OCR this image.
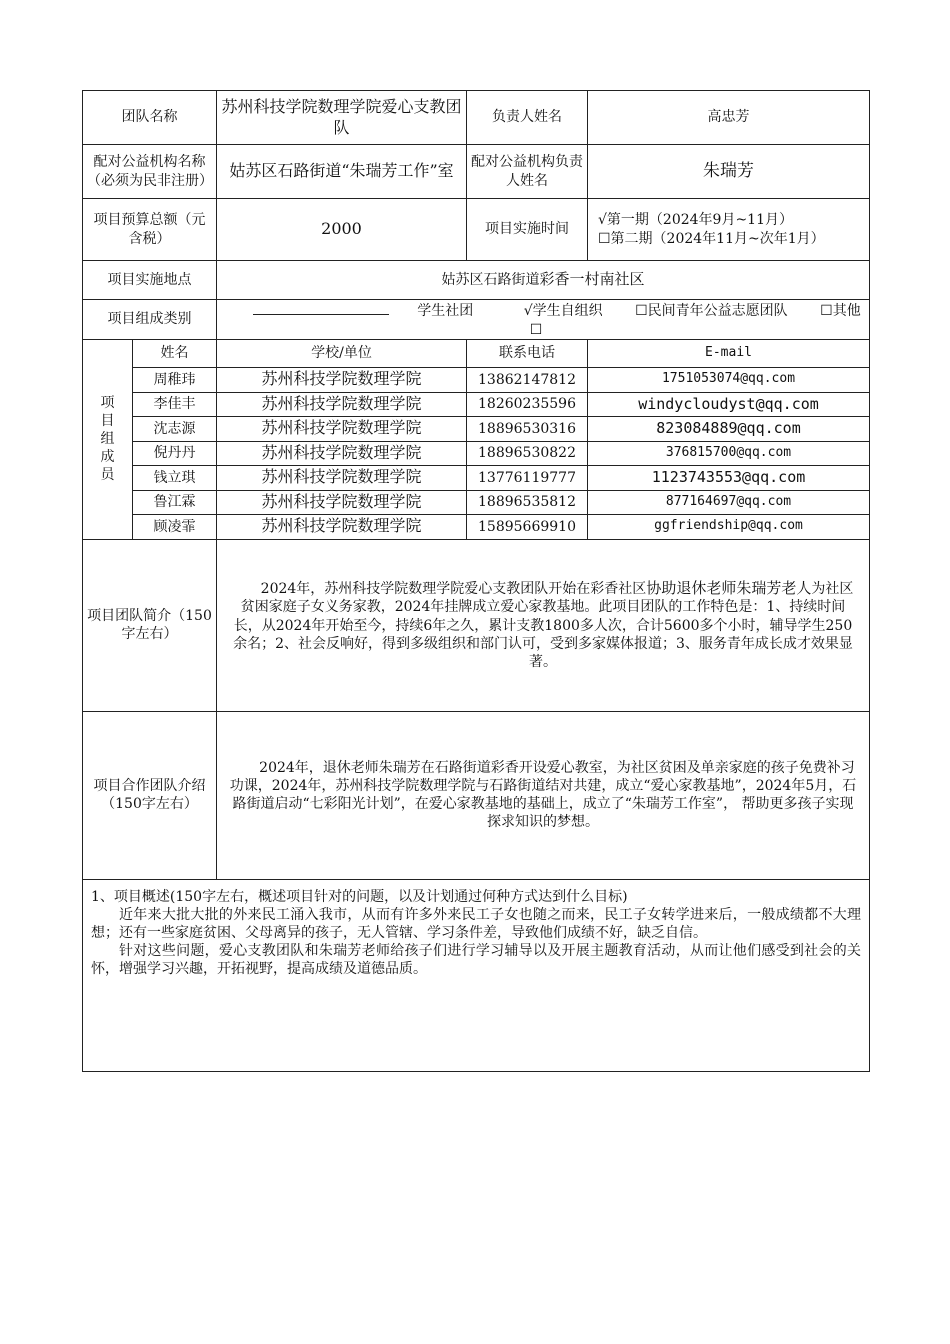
团队名称		苏州科技学院数理学院爱心支教团队	负责人姓名	高忠芳
配对公益机构名称（必须为民非注册）		姑苏区石路街道“朱瑞芳工作”室	配对公益机构负责人姓名	朱瑞芳
项目预算总额（元 含税）		2000	项目实施时间	√第一期（2024年9月~11月）
☐第二期（2024年11月~次年1月）

项目实施地点		姑苏区石路街道彩香一村南社区		
项目组成类别		学生社团 √学生自组织 ☐民间青年公益志愿团队 ☐其他☐		

项目组成员	姓名	学校/单位	联系电话	E-mail
	周稚玮	苏州科技学院数理学院	13862147812	1751053074@qq.com
	李佳丰	苏州科技学院数理学院	18260235596	windycloudyst@qq.com
	沈志源	苏州科技学院数理学院	18896530316	823084889@qq.com
	倪丹丹	苏州科技学院数理学院	18896530822	376815700@qq.com
	钱立琪	苏州科技学院数理学院	13776119777	1123743553@qq.com
	鲁江霖	苏州科技学院数理学院	18896535812	877164697@qq.com
	顾凌霏	苏州科技学院数理学院	15895669910	ggfriendship@qq.com
项目团队简介（150字左右）		2024年，苏州科技学院数理学院爱心支教团队开始在彩香社区协助退休老师朱瑞芳老人为社区贫困家庭子女义务家教，2024年挂牌成立爱心家教基地。此项目团队的工作特色是：1、持续时间长，从2024年开始至今，持续6年之久，累计支教1800多人次，合计5600多个小时，辅导学生250余名；2、社会反响好，得到多级组织和部门认可，受到多家媒体报道；3、服务青年成长成才效果显著。		

项目合作团队介绍（150字左右）		2024年，退休老师朱瑞芳在石路街道彩香开设爱心教室，为社区贫困及单亲家庭的孩子免费补习功课，2024年，苏州科技学院数理学院与石路街道结对共建，成立“爱心家教基地”，2024年5月，石路街道启动“七彩阳光计划”，在爱心家教基地的基础上，成立了“朱瑞芳工作室”， 帮助更多孩子实现探求知识的梦想。		

1、项目概述(150字左右，概述项目针对的问题，以及计划通过何种方式达到什么目标)

近年来大批大批的外来民工涌入我市，从而有许多外来民工子女也随之而来，民工子女转学进来后，一般成绩都不大理想；还有一些家庭贫困、父母离异的孩子，无人管辖、学习条件差，导致他们成绩不好，缺乏自信。

针对这些问题，爱心支教团队和朱瑞芳老师给孩子们进行学习辅导以及开展主题教育活动，从而让他们感受到社会的关怀，增强学习兴趣，开拓视野，提高成绩及道德品质。				
